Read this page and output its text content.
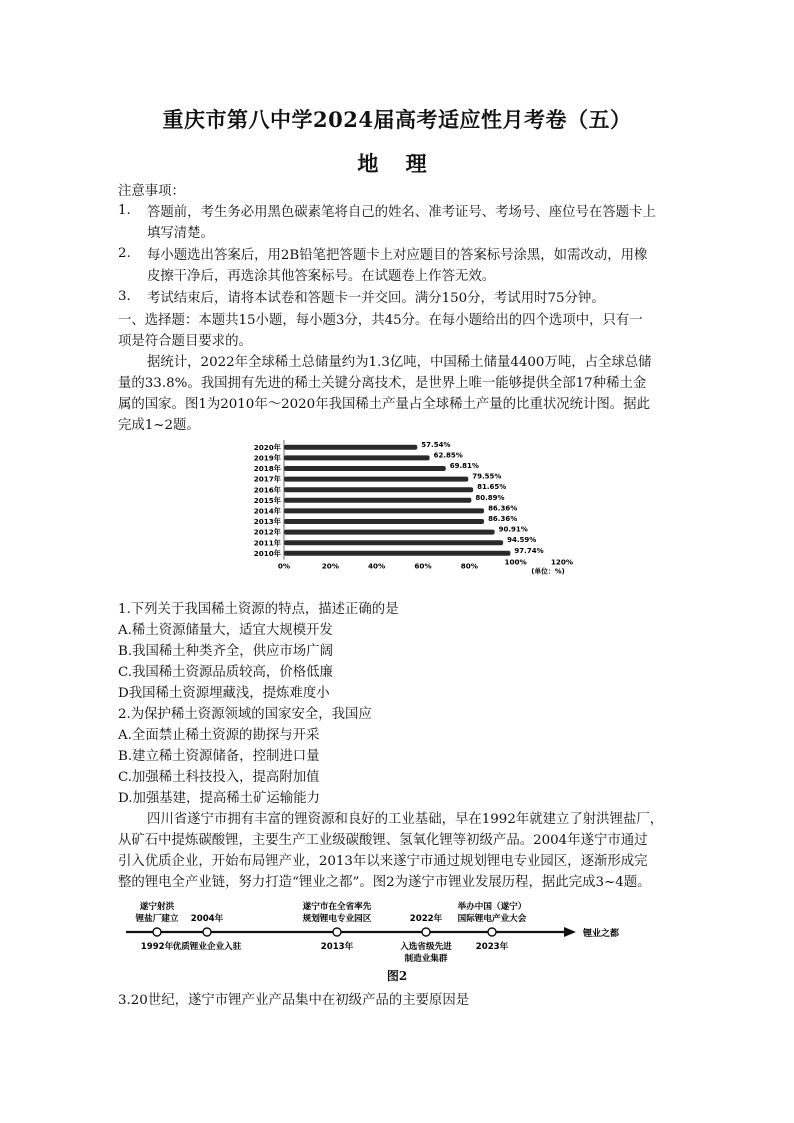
重庆市第八中学2024届高考适应性月考卷（五）
地 理
注意事项：
1. 答题前，考生务必用黑色碳素笔将自己的姓名、准考证号、考场号、座位号在答题卡上
填写清楚。
2. 每小题选出答案后，用2B铅笔把答题卡上对应题目的答案标号涂黑，如需改动，用橡
皮擦干净后，再选涂其他答案标号。在试题卷上作答无效。
3. 考试结束后，请将本试卷和答题卡一并交回。满分150分，考试用时75分钟。
一、选择题：本题共15小题，每小题3分，共45分。在每小题给出的四个选项中，只有一
项是符合题目要求的。
据统计，2022年全球稀土总储量约为1.3亿吨，中国稀土储量4400万吨，占全球总储
量的33.8%。我国拥有先进的稀土关键分离技术，是世界上唯一能够提供全部17种稀土金
属的国家。图1为2010年～2020年我国稀土产量占全球稀土产量的比重状况统计图。据此
完成1~2题。
2020年	57.54%
2019年	62.85%
2018年	69.81%
2017年	79.55%
2016年	81.65%
2015年	80.89%
2014年	86.36%
2013年	86.36%
2012年	90.91%
2011年	94.59%
2010年	97.74%
0%	20%	40%	60%	80%	100%	120%
(单位：%)
1.下列关于我国稀土资源的特点，描述正确的是
A.稀土资源储量大，适宜大规模开发
B.我国稀土种类齐全，供应市场广阔
C.我国稀土资源品质较高，价格低廉
D我国稀土资源埋藏浅，提炼难度小
2.为保护稀土资源领域的国家安全，我国应
A.全面禁止稀土资源的勘探与开采
B.建立稀土资源储备，控制进口量
C.加强稀土科技投入，提高附加值
D.加强基建，提高稀土矿运输能力
四川省遂宁市拥有丰富的锂资源和良好的工业基础，早在1992年就建立了射洪锂盐厂，
从矿石中提炼碳酸锂，主要生产工业级碳酸锂、氢氧化锂等初级产品。2004年遂宁市通过
引入优质企业，开始布局锂产业，2013年以来遂宁市通过规划锂电专业园区，逐渐形成完
整的锂电全产业链，努力打造“锂业之都”。图2为遂宁市锂业发展历程，据此完成3~4题。
锂业之都
遂宁射洪
锂盐厂建立
1992年
2004年
优质锂业企业入驻
遂宁市在全省率先
规划锂电专业园区
2013年
2022年
入选省级先进
制造业集群
举办中国（遂宁）
国际锂电产业大会
2023年
图2
3.20世纪，遂宁市锂产业产品集中在初级产品的主要原因是
